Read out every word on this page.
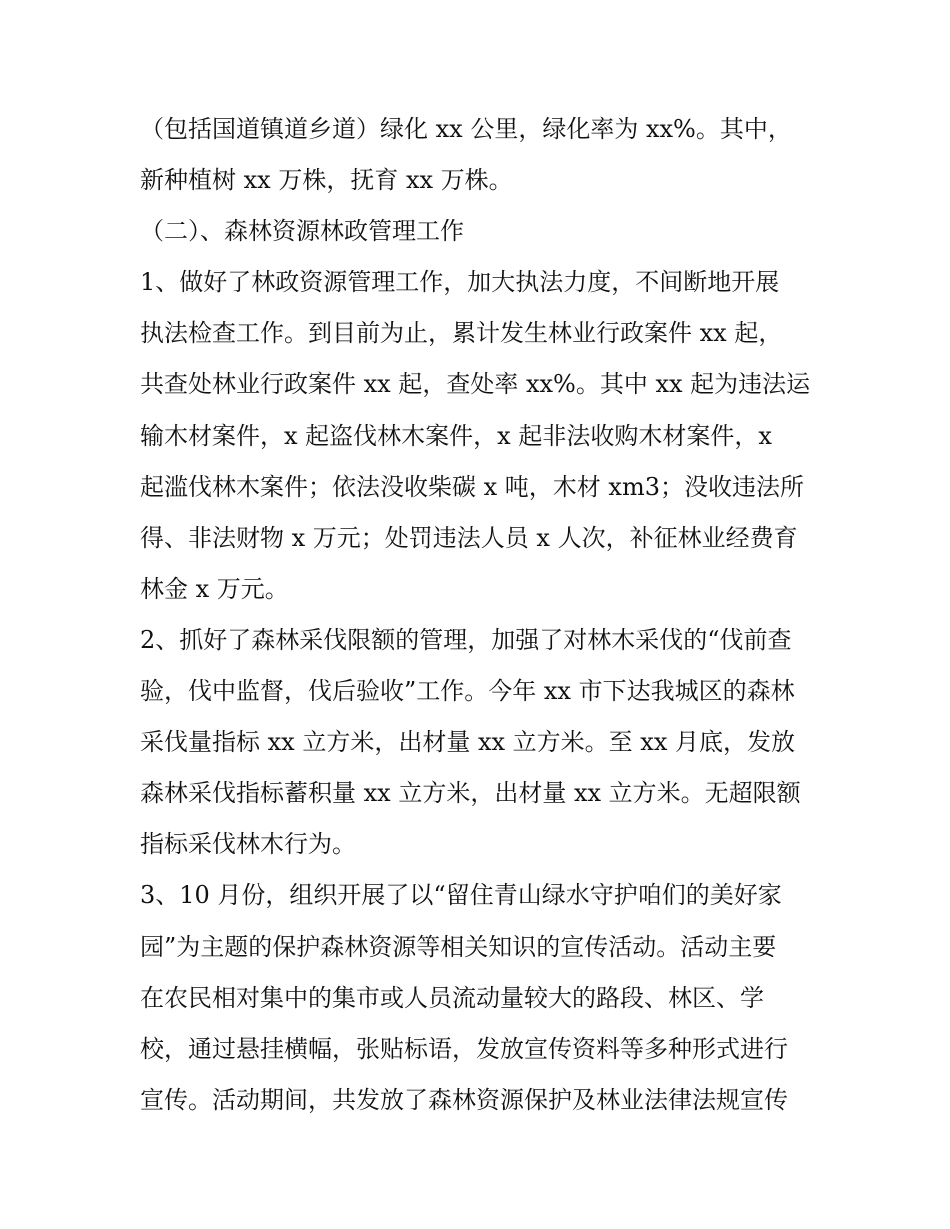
（包括国道镇道乡道）绿化 xx 公里，绿化率为 xx%。其中，
新种植树 xx 万株，抚育 xx 万株。
（二）、森林资源林政管理工作
1、做好了林政资源管理工作，加大执法力度，不间断地开展
执法检查工作。到目前为止，累计发生林业行政案件 xx 起，
共查处林业行政案件 xx 起，查处率 xx%。其中 xx 起为违法运
输木材案件，x 起盗伐林木案件，x 起非法收购木材案件，x
起滥伐林木案件；依法没收柴碳 x 吨，木材 xm3；没收违法所
得、非法财物 x 万元；处罚违法人员 x 人次，补征林业经费育
林金 x 万元。
2、抓好了森林采伐限额的管理，加强了对林木采伐的“伐前查
验，伐中监督，伐后验收”工作。今年 xx 市下达我城区的森林
采伐量指标 xx 立方米，出材量 xx 立方米。至 xx 月底，发放
森林采伐指标蓄积量 xx 立方米，出材量 xx 立方米。无超限额
指标采伐林木行为。
3、10 月份，组织开展了以“留住青山绿水守护咱们的美好家
园”为主题的保护森林资源等相关知识的宣传活动。活动主要
在农民相对集中的集市或人员流动量较大的路段、林区、学
校，通过悬挂横幅，张贴标语，发放宣传资料等多种形式进行
宣传。活动期间，共发放了森林资源保护及林业法律法规宣传
